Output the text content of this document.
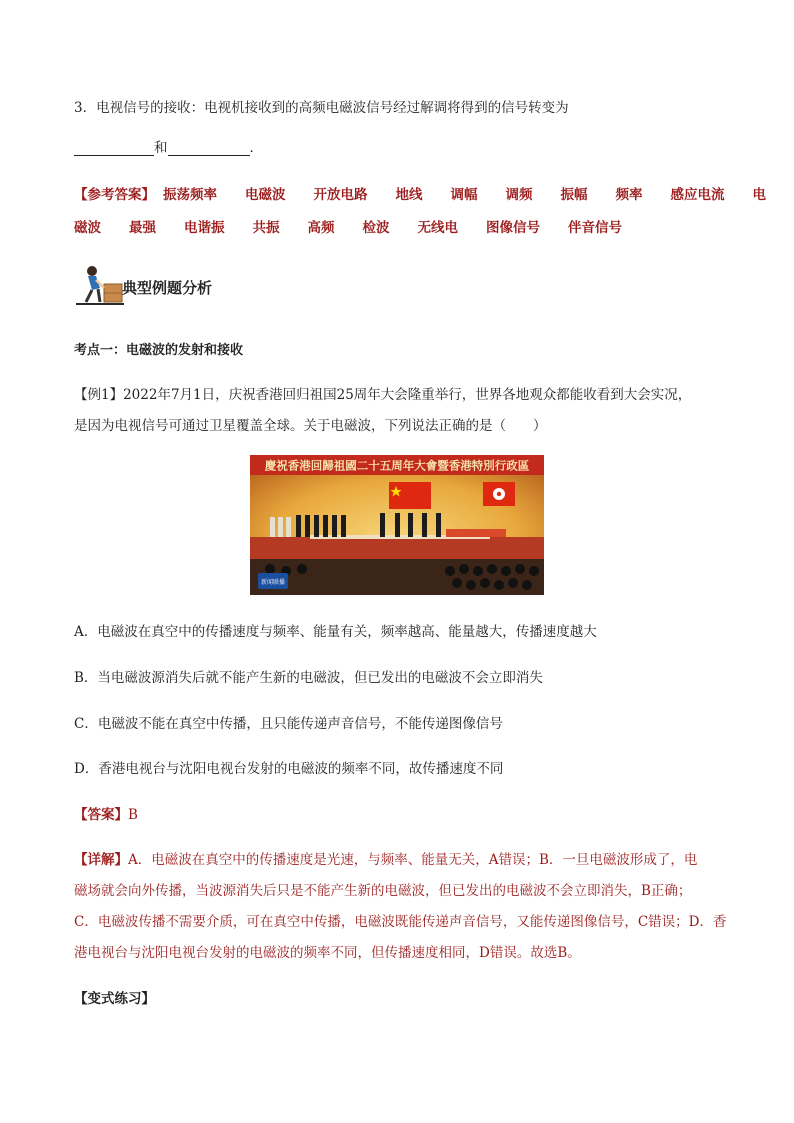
3．电视信号的接收：电视机接收到的高频电磁波信号经过解调将得到的信号转变为
和	．
【参考答案】 振荡频率 电磁波 开放电路 地线 调幅 调频 振幅 频率 感应电流 电
磁波 最强 电谐振 共振 高频 检波 无线电 图像信号 伴音信号
典型例题分析
考点一：电磁波的发射和接收
【例1】2022年7月1日，庆祝香港回归祖国25周年大会隆重举行，世界各地观众都能收看到大会实况，
是因为电视信号可通过卫星覆盖全球。关于电磁波，下列说法正确的是（　　）
慶祝香港回歸祖國二十五周年大會暨香港特別行政區
新闻联播
A．电磁波在真空中的传播速度与频率、能量有关，频率越高、能量越大，传播速度越大
B．当电磁波源消失后就不能产生新的电磁波，但已发出的电磁波不会立即消失
C．电磁波不能在真空中传播，且只能传递声音信号，不能传递图像信号
D．香港电视台与沈阳电视台发射的电磁波的频率不同，故传播速度不同
【答案】B
【详解】A．电磁波在真空中的传播速度是光速，与频率、能量无关，A错误；B．一旦电磁波形成了，电
磁场就会向外传播，当波源消失后只是不能产生新的电磁波，但已发出的电磁波不会立即消失，B正确；
C．电磁波传播不需要介质，可在真空中传播，电磁波既能传递声音信号，又能传递图像信号，C错误；D．香
港电视台与沈阳电视台发射的电磁波的频率不同，但传播速度相同，D错误。故选B。
【变式练习】
